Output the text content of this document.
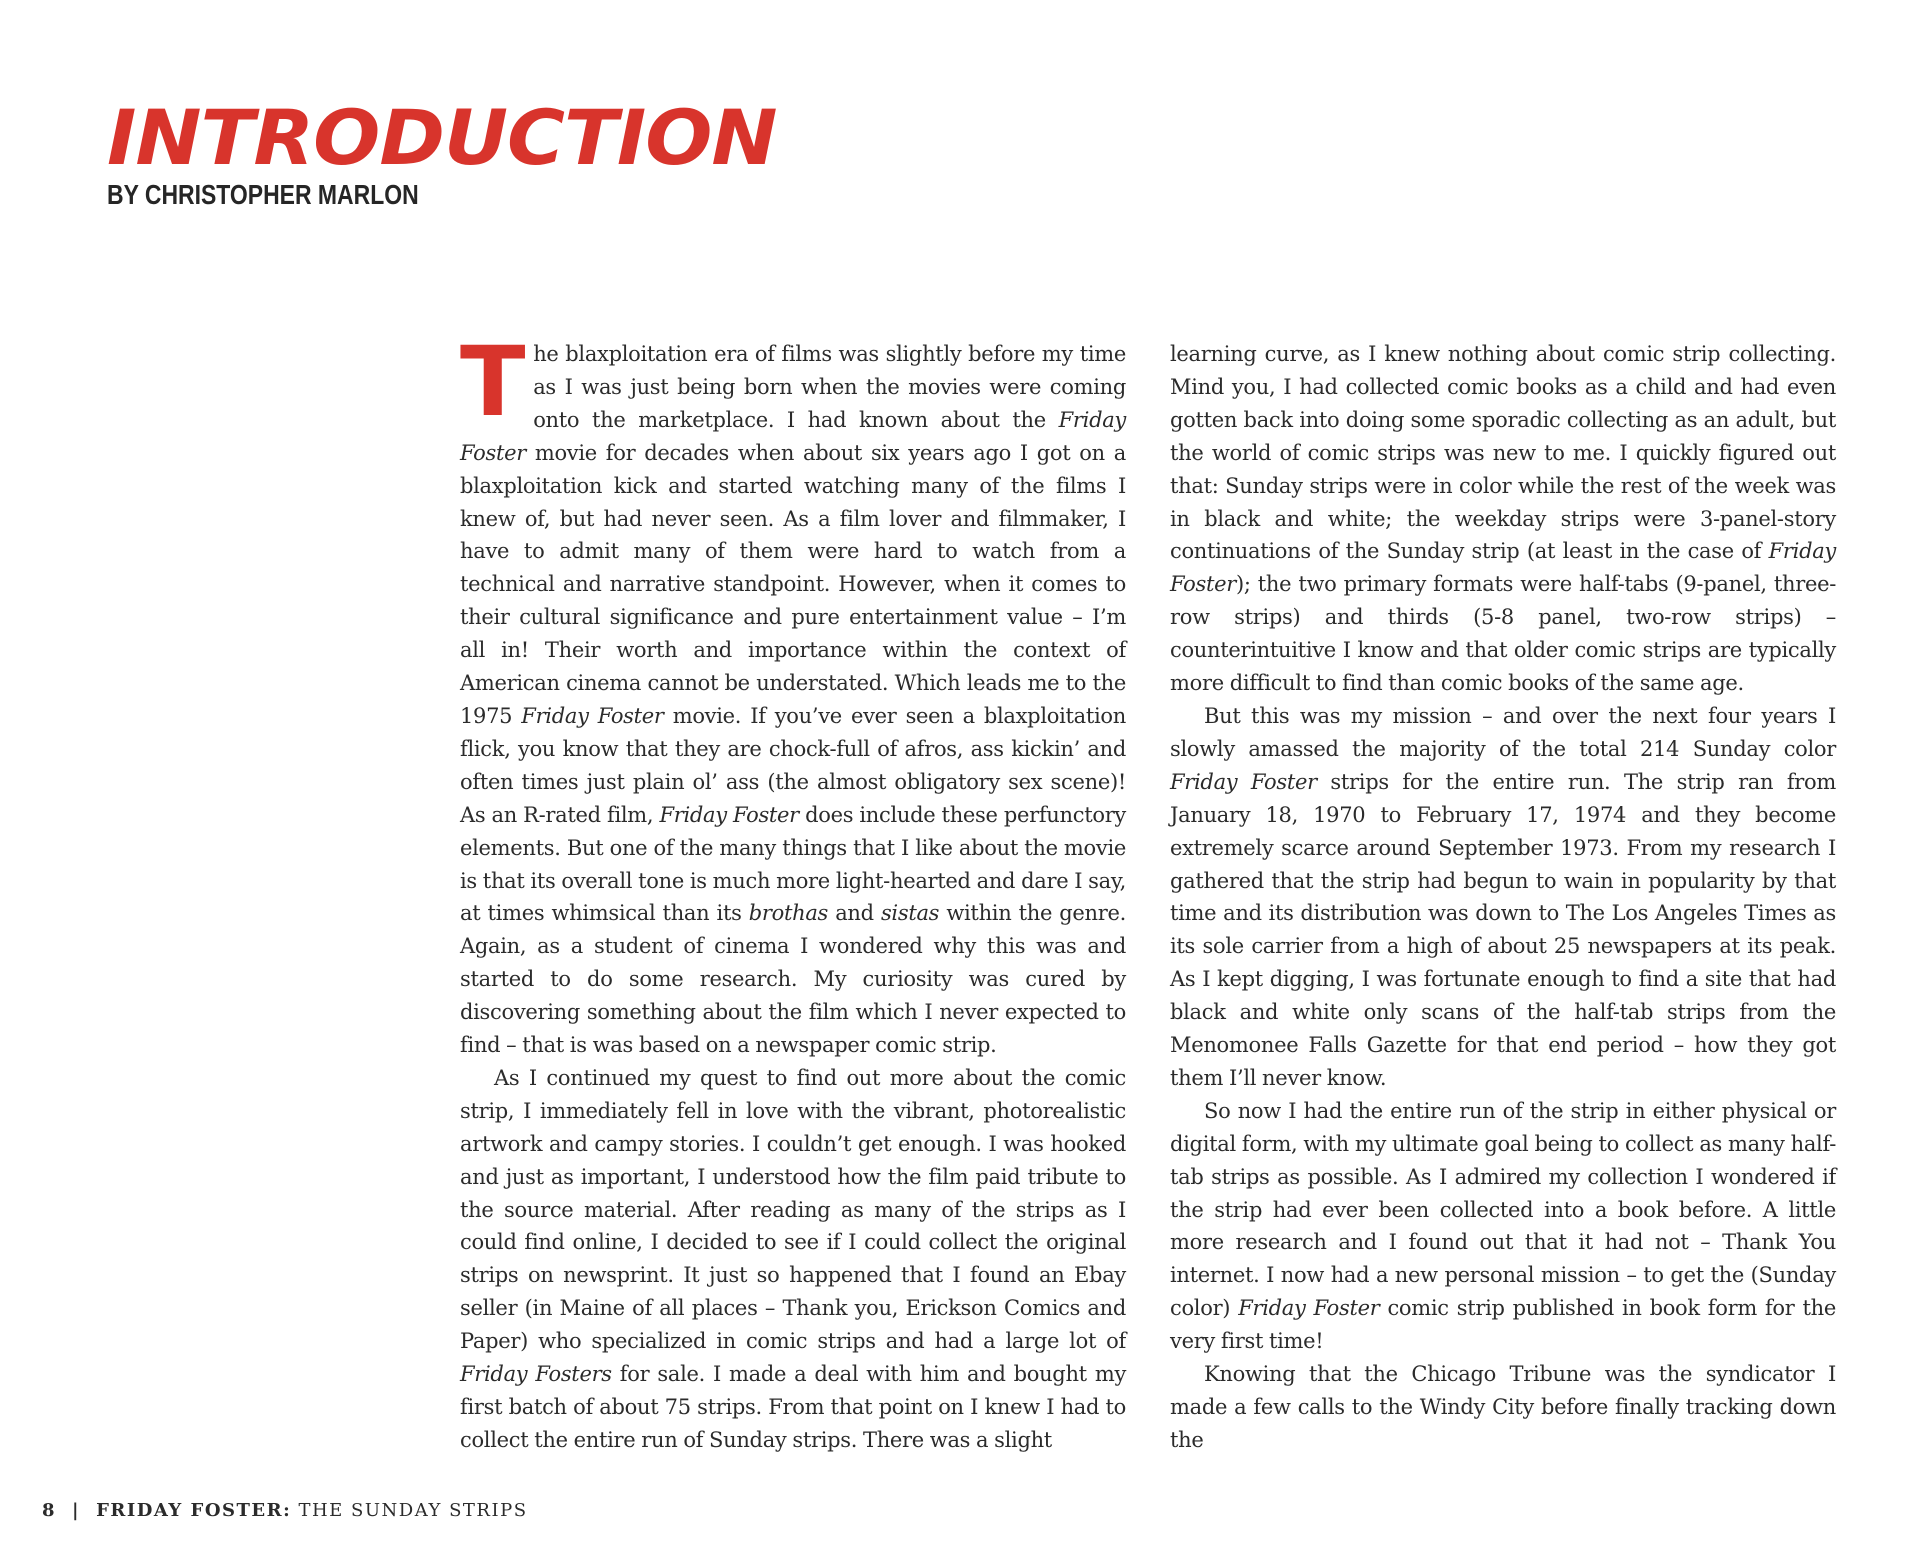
INTRODUCTION

BY CHRISTOPHER MARLON

The blaxploitation era of films was slightly before my time as I was just being born when the movies were coming onto the marketplace. I had known about the Friday Foster movie for decades when about six years ago I got on a blaxploitation kick and started watching many of the films I knew of, but had never seen. As a film lover and filmmaker, I have to admit many of them were hard to watch from a technical and narrative standpoint. However, when it comes to their cultural significance and pure entertainment value – I’m all in! Their worth and importance within the context of American cinema cannot be understated. Which leads me to the 1975 Friday Foster movie. If you’ve ever seen a blaxploitation flick, you know that they are chock-full of afros, ass kickin’ and often times just plain ol’ ass (the almost obligatory sex scene)! As an R-rated film, Friday Foster does include these perfunctory elements. But one of the many things that I like about the movie is that its overall tone is much more light-hearted and dare I say, at times whimsical than its brothas and sistas within the genre. Again, as a student of cinema I wondered why this was and started to do some research. My curiosity was cured by discovering something about the film which I never expected to find – that is was based on a newspaper comic strip.

As I continued my quest to find out more about the comic strip, I immediately fell in love with the vibrant, photorealistic artwork and campy stories. I couldn’t get enough. I was hooked and just as important, I understood how the film paid tribute to the source material. After reading as many of the strips as I could find online, I decided to see if I could collect the original strips on newsprint. It just so happened that I found an Ebay seller (in Maine of all places – Thank you, Erickson Comics and Paper) who specialized in comic strips and had a large lot of Friday Fosters for sale. I made a deal with him and bought my first batch of about 75 strips. From that point on I knew I had to collect the entire run of Sunday strips. There was a slight

learning curve, as I knew nothing about comic strip collecting. Mind you, I had collected comic books as a child and had even gotten back into doing some sporadic collecting as an adult, but the world of comic strips was new to me. I quickly figured out that: Sunday strips were in color while the rest of the week was in black and white; the weekday strips were 3-panel-story continuations of the Sunday strip (at least in the case of Friday Foster); the two primary formats were half-tabs (9-panel, three-row strips) and thirds (5-8 panel, two-row strips) – counterintuitive I know and that older comic strips are typically more difficult to find than comic books of the same age.

But this was my mission – and over the next four years I slowly amassed the majority of the total 214 Sunday color Friday Foster strips for the entire run. The strip ran from January 18, 1970 to February 17, 1974 and they become extremely scarce around September 1973. From my research I gathered that the strip had begun to wain in popularity by that time and its distribution was down to The Los Angeles Times as its sole carrier from a high of about 25 newspapers at its peak. As I kept digging, I was fortunate enough to find a site that had black and white only scans of the half-tab strips from the Menomonee Falls Gazette for that end period – how they got them I’ll never know.

So now I had the entire run of the strip in either physical or digital form, with my ultimate goal being to collect as many half-tab strips as possible. As I admired my collection I wondered if the strip had ever been collected into a book before. A little more research and I found out that it had not – Thank You internet. I now had a new personal mission – to get the (Sunday color) Friday Foster comic strip published in book form for the very first time!

Knowing that the Chicago Tribune was the syndicator I made a few calls to the Windy City before finally tracking down the

8 | FRIDAY FOSTER: THE SUNDAY STRIPS
